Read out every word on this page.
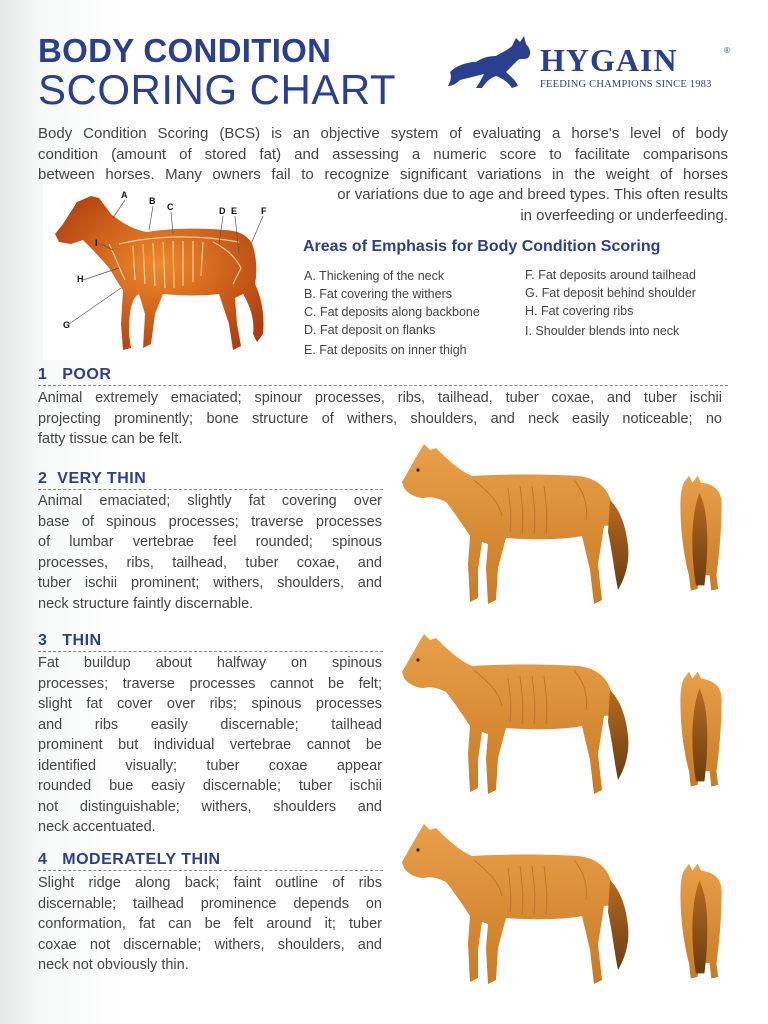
BODY CONDITION
SCORING CHART
HYGAIN	®
FEEDING CHAMPIONS SINCE 1983
Body Condition Scoring (BCS) is an objective system of evaluating a horse's level of body
condition (amount of stored fat) and assessing a numeric score to facilitate comparisons
between horses. Many owners fail to recognize significant variations in the weight of horses
or variations due to age and breed types. This often results
in overfeeding or underfeeding.
A
B
C	D E	F
G
H
I	Areas of Emphasis for Body Condition Scoring
A. Thickening of the neck
B. Fat covering the withers
C. Fat deposits along backbone
D. Fat deposit on flanks
E. Fat deposits on inner thigh
F. Fat deposits around tailhead
G. Fat deposit behind shoulder
H. Fat covering ribs
I. Shoulder blends into neck
1 POOR
Animal extremely emaciated; spinour processes, ribs, tailhead, tuber coxae, and tuber ischii
projecting prominently; bone structure of withers, shoulders, and neck easily noticeable; no
fatty tissue can be felt.
2 VERY THIN
Animal emaciated; slightly fat covering over
base of spinous processes; traverse processes
of lumbar vertebrae feel rounded; spinous
processes, ribs, tailhead, tuber coxae, and
tuber ischii prominent; withers, shoulders, and
neck structure faintly discernable.
3 THIN
Fat buildup about halfway on spinous
processes; traverse processes cannot be felt;
slight fat cover over ribs; spinous processes
and ribs easily discernable; tailhead
prominent but individual vertebrae cannot be
identified visually; tuber coxae appear
rounded bue easiy discernable; tuber ischii
not distinguishable; withers, shoulders and
neck accentuated.
4 MODERATELY THIN
Slight ridge along back; faint outline of ribs
discernable; tailhead prominence depends on
conformation, fat can be felt around it; tuber
coxae not discernable; withers, shoulders, and
neck not obviously thin.
